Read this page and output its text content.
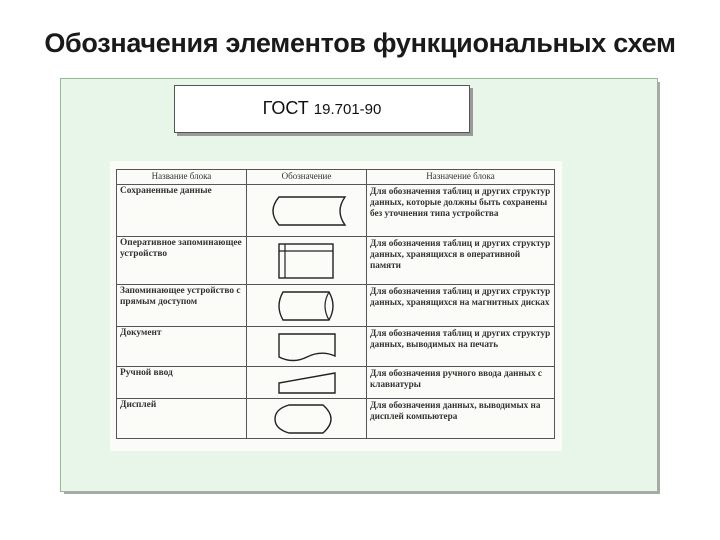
Обозначения элементов функциональных схем
ГОСТ 19.701-90
Название блока	Обозначение	Назначение блока
Сохраненные данные		Для обозначения таблиц и других структур данных, которые должны быть сохранены без уточнения типа устройства
Оперативное запоминающее устройство		Для обозначения таблиц и других структур данных, хранящихся в оперативной памяти
Запоминающее устройство с прямым доступом		Для обозначения таблиц и других структур данных, хранящихся на магнитных дисках
Документ		Для обозначения таблиц и других структур данных, выводимых на печать
Ручной ввод		Для обозначения ручного ввода данных с клавиатуры
Дисплей		Для обозначения данных, выводимых на дисплей компьютера
